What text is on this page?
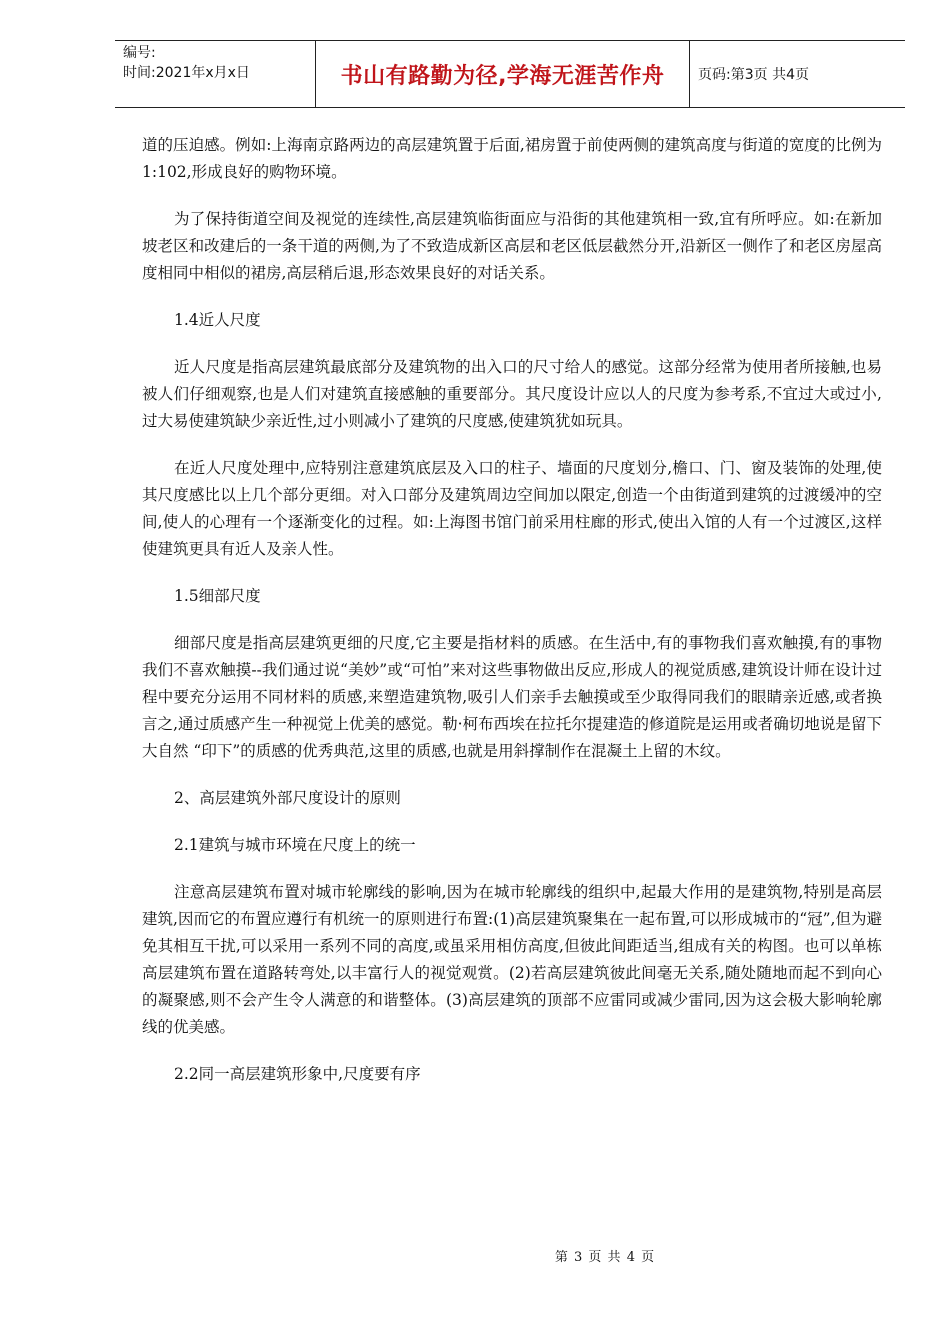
编号:
时间:2021年x月x日	书山有路勤为径,学海无涯苦作舟	页码:第3页 共4页

道的压迫感。例如:上海南京路两边的高层建筑置于后面,裙房置于前使两侧的建筑高度与街道的宽度的比例为1:102,形成良好的购物环境。

为了保持街道空间及视觉的连续性,高层建筑临街面应与沿街的其他建筑相一致,宜有所呼应。如:在新加坡老区和改建后的一条干道的两侧,为了不致造成新区高层和老区低层截然分开,沿新区一侧作了和老区房屋高度相同中相似的裙房,高层稍后退,形态效果良好的对话关系。

1.4近人尺度

近人尺度是指高层建筑最底部分及建筑物的出入口的尺寸给人的感觉。这部分经常为使用者所接触,也易被人们仔细观察,也是人们对建筑直接感触的重要部分。其尺度设计应以人的尺度为参考系,不宜过大或过小,过大易使建筑缺少亲近性,过小则减小了建筑的尺度感,使建筑犹如玩具。

在近人尺度处理中,应特别注意建筑底层及入口的柱子、墙面的尺度划分,檐口、门、窗及装饰的处理,使其尺度感比以上几个部分更细。对入口部分及建筑周边空间加以限定,创造一个由街道到建筑的过渡缓冲的空间,使人的心理有一个逐渐变化的过程。如:上海图书馆门前采用柱廊的形式,使出入馆的人有一个过渡区,这样使建筑更具有近人及亲人性。

1.5细部尺度

细部尺度是指高层建筑更细的尺度,它主要是指材料的质感。在生活中,有的事物我们喜欢触摸,有的事物我们不喜欢触摸--我们通过说“美妙”或“可怕”来对这些事物做出反应,形成人的视觉质感,建筑设计师在设计过程中要充分运用不同材料的质感,来塑造建筑物,吸引人们亲手去触摸或至少取得同我们的眼睛亲近感,或者换言之,通过质感产生一种视觉上优美的感觉。勒·柯布西埃在拉托尔提建造的修道院是运用或者确切地说是留下大自然 “印下”的质感的优秀典范,这里的质感,也就是用斜撑制作在混凝土上留的木纹。

2、高层建筑外部尺度设计的原则

2.1建筑与城市环境在尺度上的统一

注意高层建筑布置对城市轮廓线的影响,因为在城市轮廓线的组织中,起最大作用的是建筑物,特别是高层建筑,因而它的布置应遵行有机统一的原则进行布置:(1)高层建筑聚集在一起布置,可以形成城市的“冠”,但为避免其相互干扰,可以采用一系列不同的高度,或虽采用相仿高度,但彼此间距适当,组成有关的构图。也可以单栋高层建筑布置在道路转弯处,以丰富行人的视觉观赏。(2)若高层建筑彼此间毫无关系,随处随地而起不到向心的凝聚感,则不会产生令人满意的和谐整体。(3)高层建筑的顶部不应雷同或减少雷同,因为这会极大影响轮廓线的优美感。

2.2同一高层建筑形象中,尺度要有序

第 3 页 共 4 页
